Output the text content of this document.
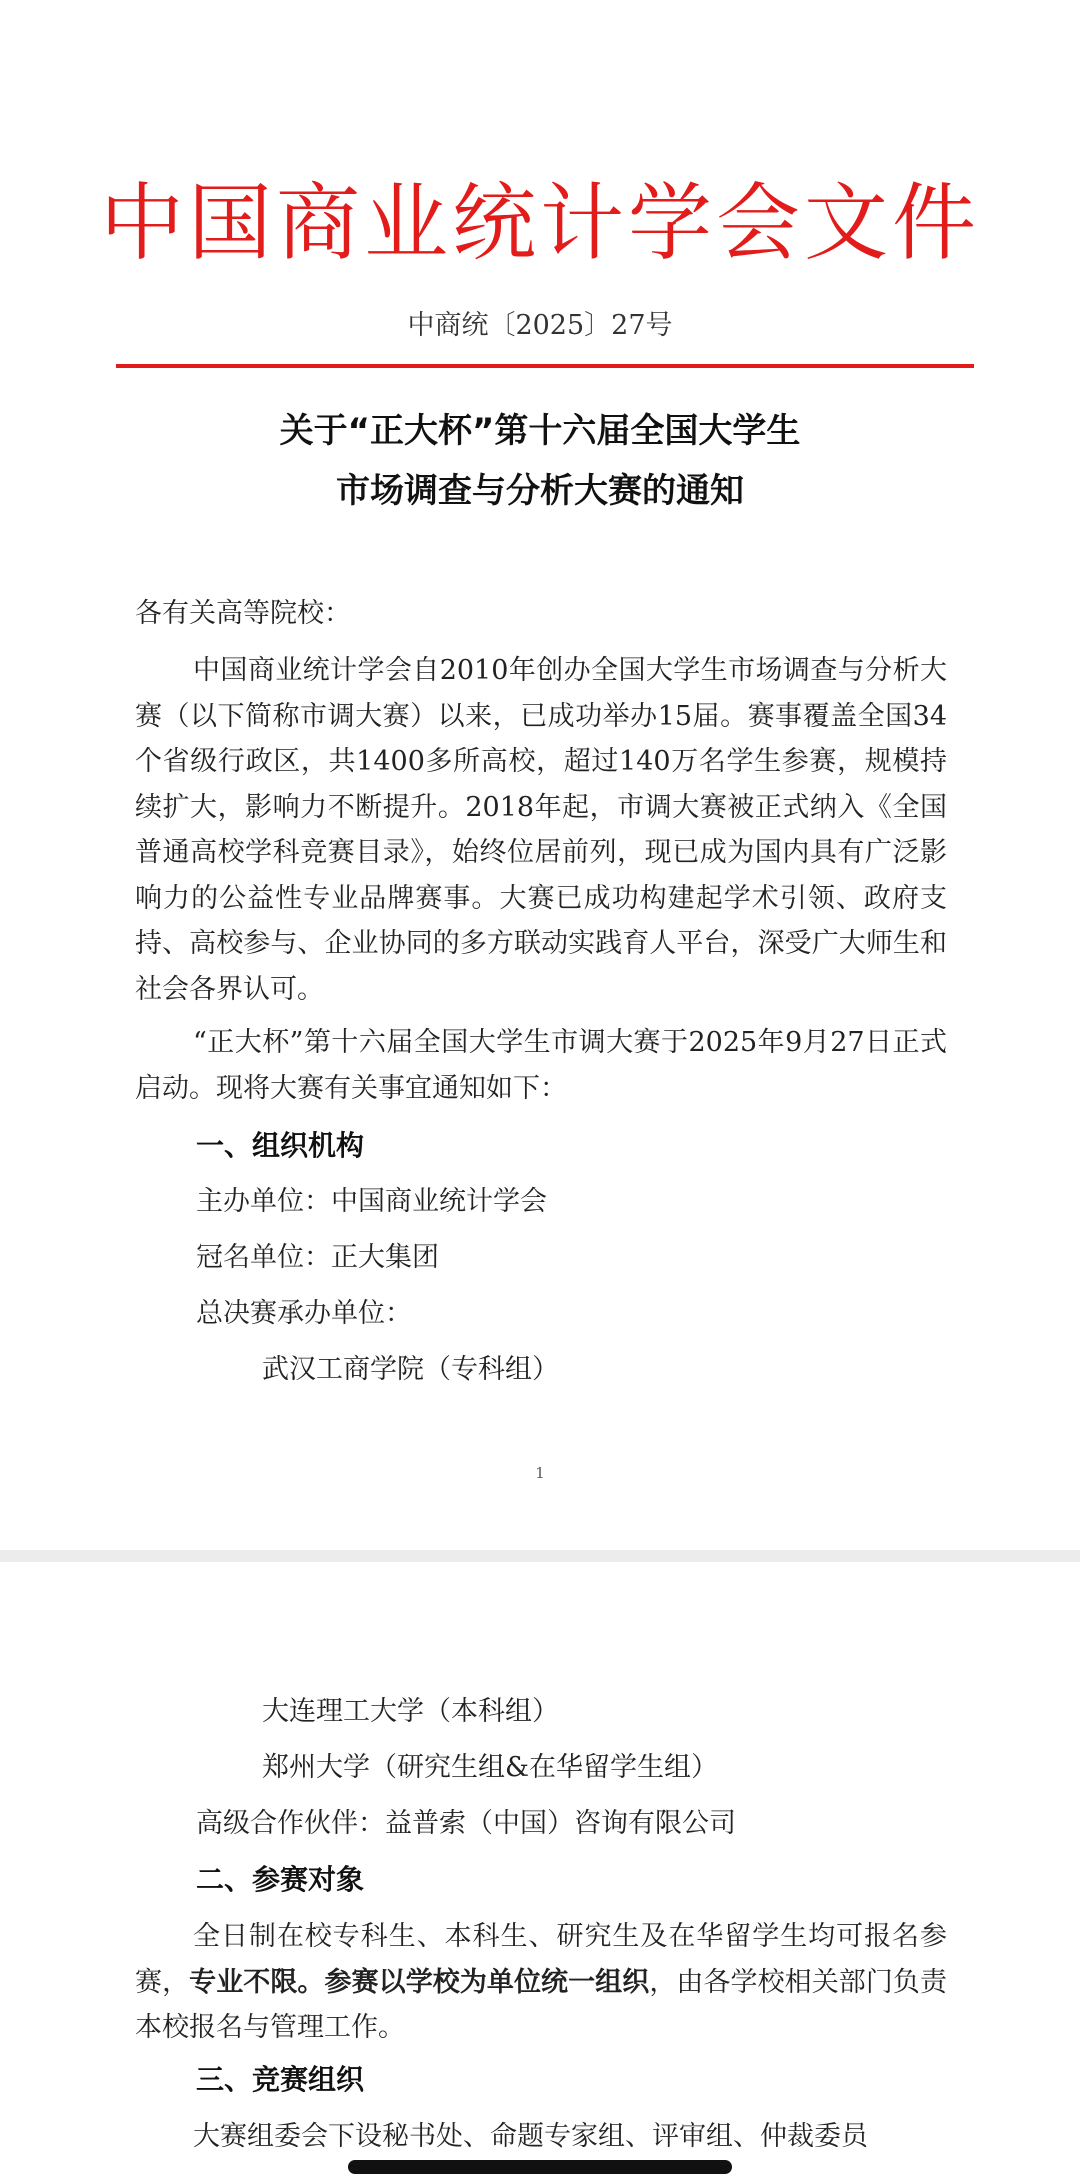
中国商业统计学会文件
中商统〔2025〕27号
关于“正大杯”第十六届全国大学生
市场调查与分析大赛的通知
各有关高等院校：

中国商业统计学会自2010年创办全国大学生市场调查与分析大赛（以下简称市调大赛）以来，已成功举办15届。赛事覆盖全国34个省级行政区，共1400多所高校，超过140万名学生参赛，规模持续扩大，影响力不断提升。2018年起，市调大赛被正式纳入《全国普通高校学科竞赛目录》，始终位居前列，现已成为国内具有广泛影响力的公益性专业品牌赛事。大赛已成功构建起学术引领、政府支持、高校参与、企业协同的多方联动实践育人平台，深受广大师生和社会各界认可。

“正大杯”第十六届全国大学生市调大赛于2025年9月27日正式启动。现将大赛有关事宜通知如下：

一、组织机构
主办单位：中国商业统计学会
冠名单位：正大集团
总决赛承办单位：
武汉工商学院（专科组）
1
大连理工大学（本科组）
郑州大学（研究生组&在华留学生组）
高级合作伙伴：益普索（中国）咨询有限公司
二、参赛对象

全日制在校专科生、本科生、研究生及在华留学生均可报名参赛，专业不限。参赛以学校为单位统一组织，由各学校相关部门负责本校报名与管理工作。

三、竞赛组织

大赛组委会下设秘书处、命题专家组、评审组、仲裁委员
